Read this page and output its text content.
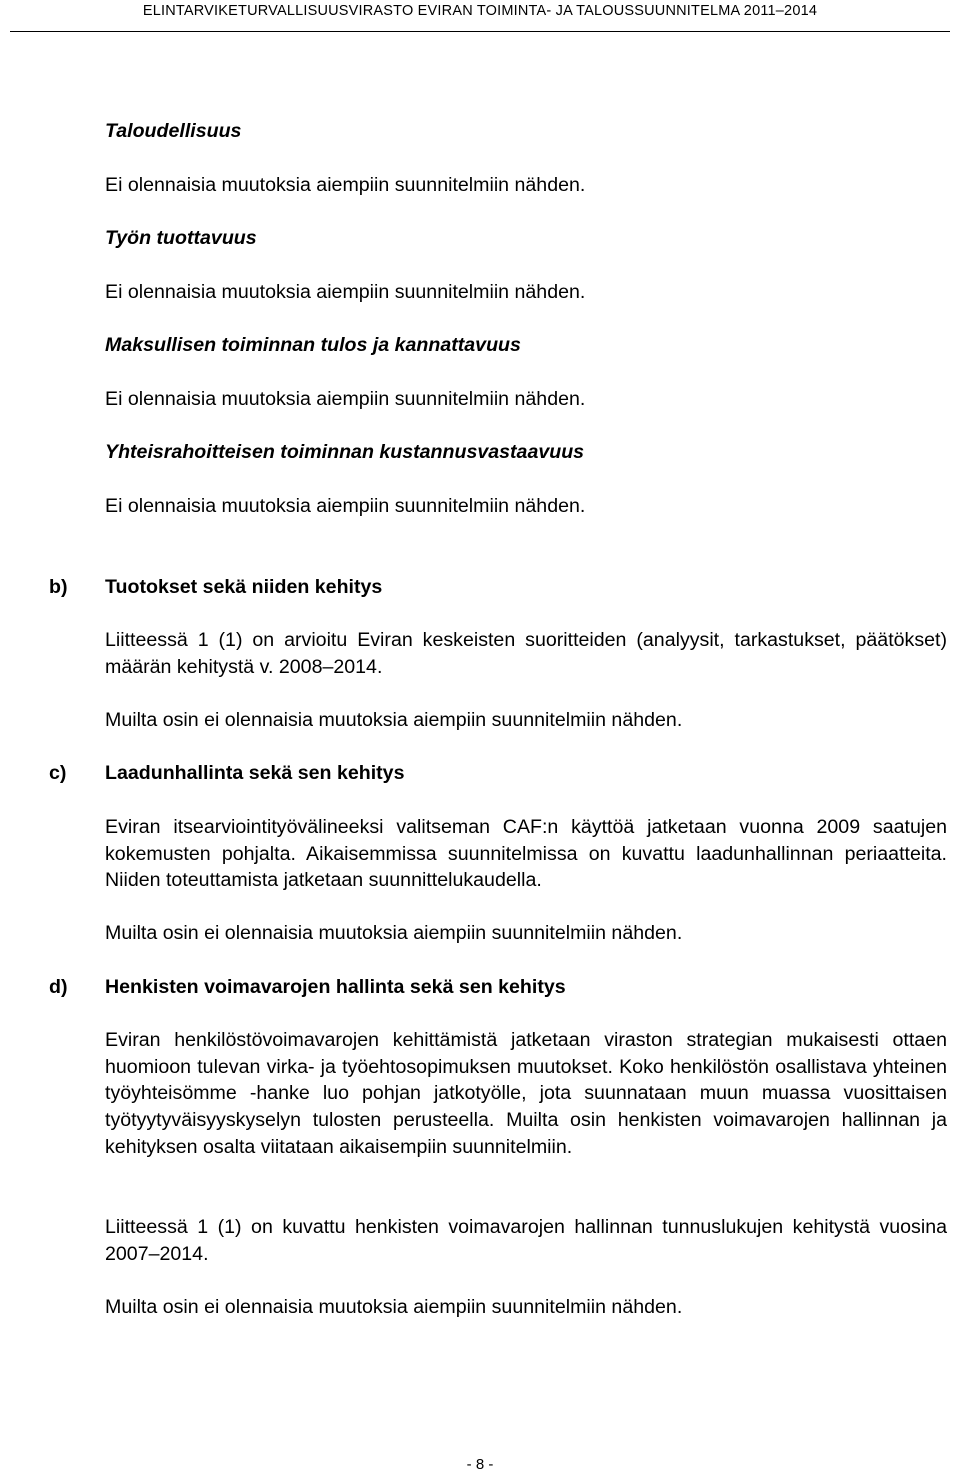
ELINTARVIKETURVALLISUUSVIRASTO EVIRAN TOIMINTA- JA TALOUSSUUNNITELMA 2011–2014
Taloudellisuus
Ei olennaisia muutoksia aiempiin suunnitelmiin nähden.
Työn tuottavuus
Ei olennaisia muutoksia aiempiin suunnitelmiin nähden.
Maksullisen toiminnan tulos ja kannattavuus
Ei olennaisia muutoksia aiempiin suunnitelmiin nähden.
Yhteisrahoitteisen toiminnan kustannusvastaavuus
Ei olennaisia muutoksia aiempiin suunnitelmiin nähden.
b) Tuotokset sekä niiden kehitys
Liitteessä 1 (1) on arvioitu Eviran keskeisten suoritteiden (analyysit, tarkastukset, päätökset) määrän kehitystä v. 2008–2014.
Muilta osin ei olennaisia muutoksia aiempiin suunnitelmiin nähden.
c) Laadunhallinta sekä sen kehitys
Eviran itsearviointityövälineeksi valitseman CAF:n käyttöä jatketaan vuonna 2009 saatujen kokemusten pohjalta. Aikaisemmissa suunnitelmissa on kuvattu laadunhallinnan periaatteita. Niiden toteuttamista jatketaan suunnittelukaudella.
Muilta osin ei olennaisia muutoksia aiempiin suunnitelmiin nähden.
d) Henkisten voimavarojen hallinta sekä sen kehitys
Eviran henkilöstövoimavarojen kehittämistä jatketaan viraston strategian mukaisesti ottaen huomioon tulevan virka- ja työehtosopimuksen muutokset. Koko henkilöstön osallistava yhteinen työyhteisömme -hanke luo pohjan jatkotyölle, jota suunnataan muun muassa vuosittaisen työtyytyväisyyskyselyn tulosten perusteella. Muilta osin henkisten voimavarojen hallinnan ja kehityksen osalta viitataan aikaisempiin suunnitelmiin.
Liitteessä 1 (1) on kuvattu henkisten voimavarojen hallinnan tunnuslukujen kehitystä vuosina 2007–2014.
Muilta osin ei olennaisia muutoksia aiempiin suunnitelmiin nähden.
- 8 -
